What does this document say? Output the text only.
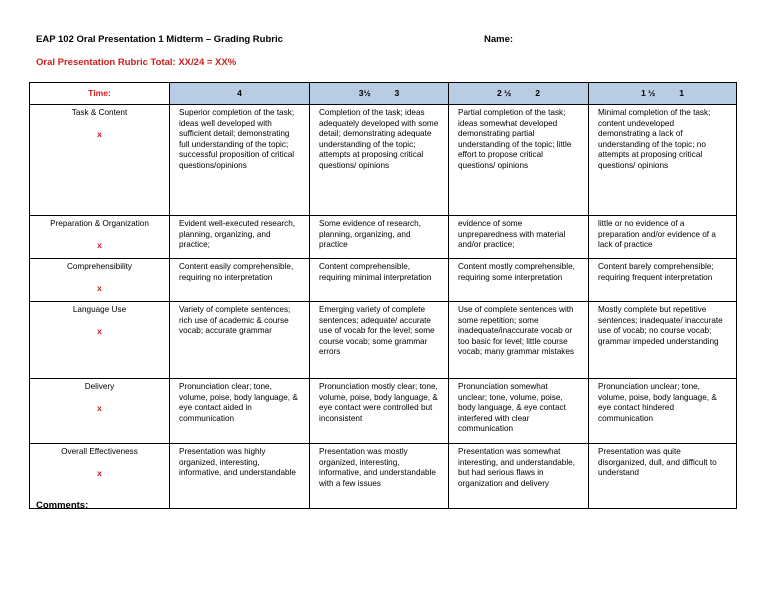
EAP 102 Oral Presentation 1 Midterm – Grading Rubric	Name:
Oral Presentation Rubric Total: XX/24 = XX%
Time:	4	3½          3	2 ½          2	1 ½          1

Task & Content
x	Superior completion of the task; ideas well developed with sufficient detail; demonstrating full understanding of the topic; successful proposition of critical questions/opinions	Completion of the task; ideas adequately developed with some detail; demonstrating adequate understanding of the topic; attempts at proposing critical questions/ opinions	Partial completion of the task; ideas somewhat developed demonstrating partial understanding of the topic; little effort to propose critical questions/ opinions	Minimal completion of the task; content undeveloped demonstrating a lack of understanding of the topic; no attempts at proposing critical questions/ opinions

Preparation & Organization
x	Evident well-executed research, planning, organizing, and practice;	Some evidence of research, planning, organizing, and practice	evidence of some unpreparedness with material and/or practice;	little or no evidence of a preparation and/or evidence of a lack of practice

Comprehensibility
x	Content easily comprehensible, requiring no interpretation	Content comprehensible, requiring minimal interpretation	Content mostly comprehensible, requiring some interpretation	Content barely comprehensible; requiring frequent interpretation

Language Use
x	Variety of complete sentences; rich use of academic & course vocab; accurate grammar	Emerging variety of complete sentences; adequate/ accurate use of vocab for the level; some course vocab; some grammar errors	Use of complete sentences with some repetition; some inadequate/inaccurate vocab or too basic for level; little course vocab; many grammar mistakes	Mostly complete but repetitive sentences; inadequate/ inaccurate use of vocab; no course vocab; grammar impeded understanding

Delivery
x	Pronunciation clear; tone, volume, poise, body language, & eye contact aided in communication	Pronunciation mostly clear; tone, volume, poise, body language, & eye contact were controlled but inconsistent	Pronunciation somewhat unclear; tone, volume, poise, body language, & eye contact interfered with clear communication	Pronunciation unclear; tone, volume, poise, body language, & eye contact hindered communication

Overall Effectiveness
x	Presentation was highly organized, interesting, informative, and understandable	Presentation was mostly organized, interesting, informative, and understandable with a few issues	Presentation was somewhat interesting, and understandable, but had serious flaws in organization and delivery	Presentation was quite disorganized, dull, and difficult to understand
Comments:
